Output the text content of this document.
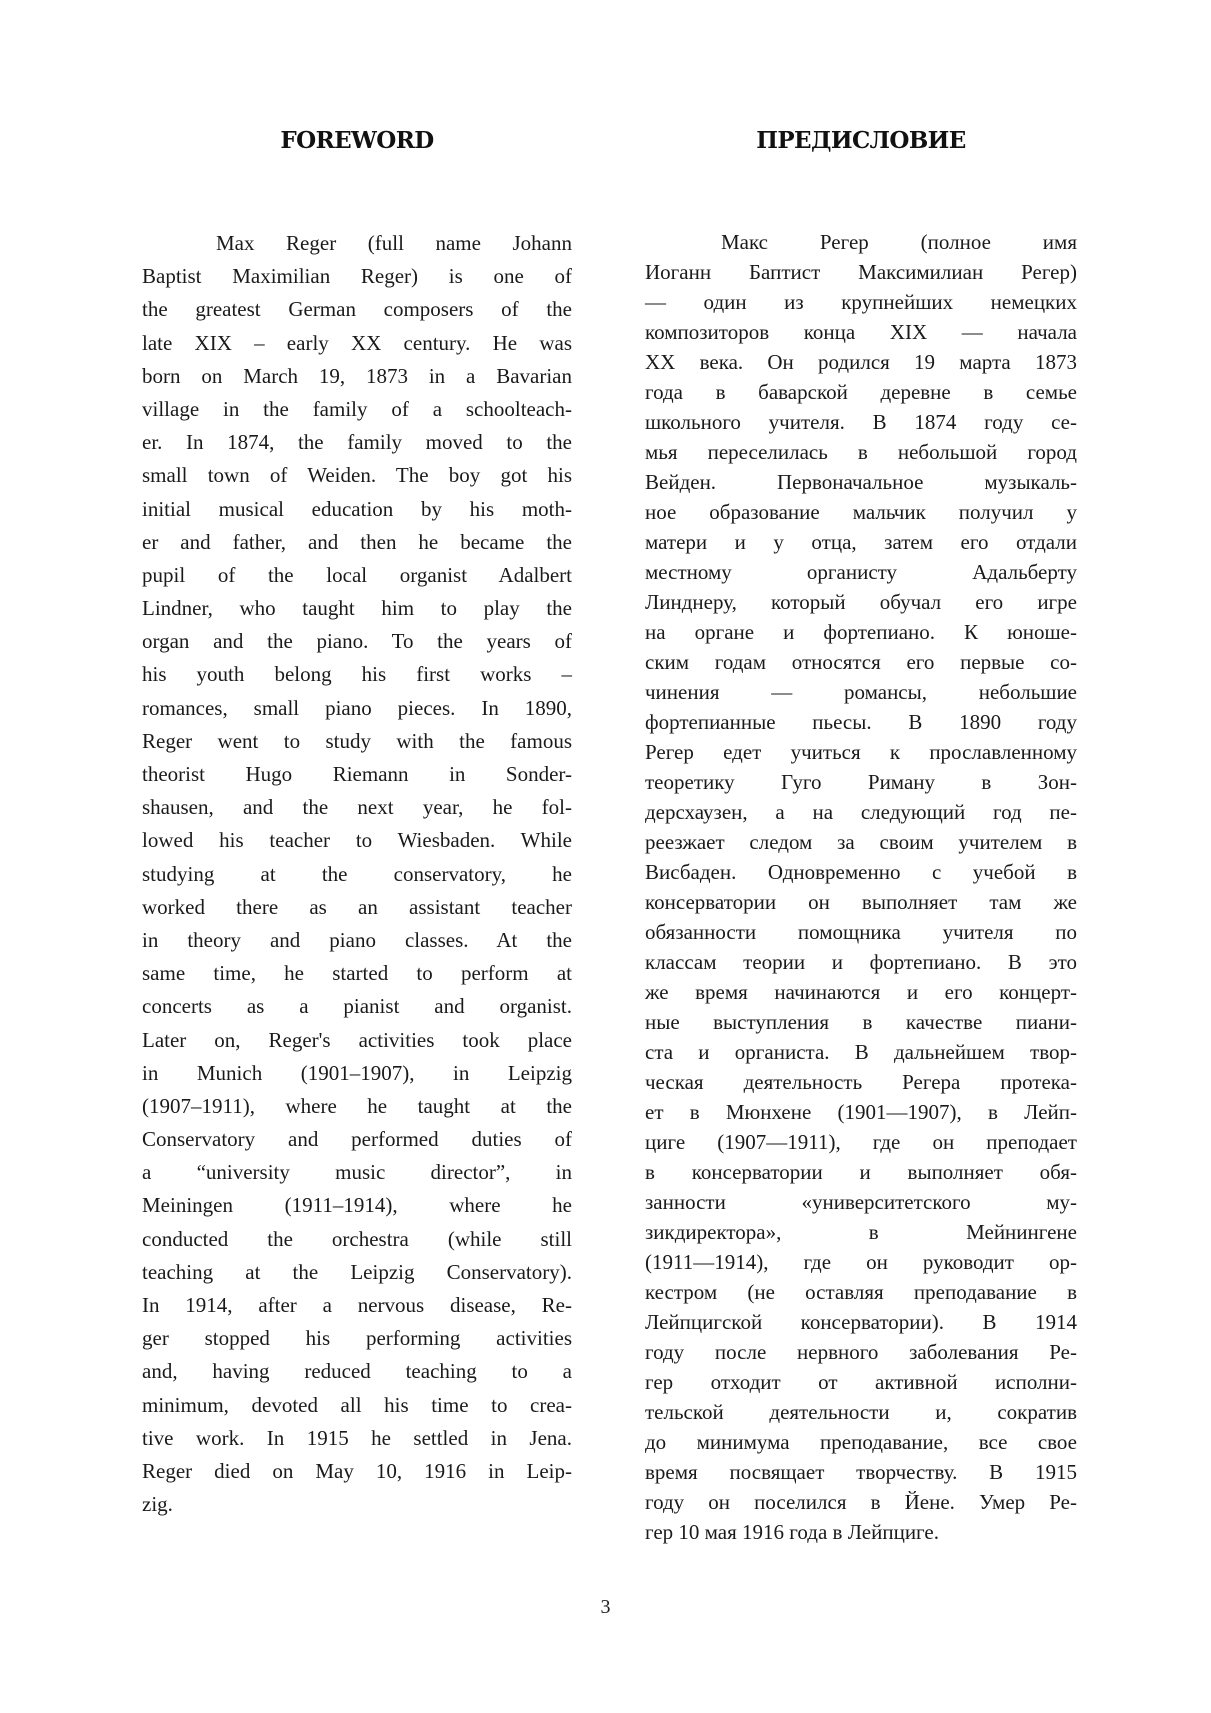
FOREWORD
Max Reger (full name Johann
Baptist Maximilian Reger) is one of
the greatest German composers of the
late XIX – early XX century. He was
born on March 19, 1873 in a Bavarian
village in the family of a schoolteach-
er. In 1874, the family moved to the
small town of Weiden. The boy got his
initial musical education by his moth-
er and father, and then he became the
pupil of the local organist Adalbert
Lindner, who taught him to play the
organ and the piano. To the years of
his youth belong his first works –
romances, small piano pieces. In 1890,
Reger went to study with the famous
theorist Hugo Riemann in Sonder-
shausen, and the next year, he fol-
lowed his teacher to Wiesbaden. While
studying at the conservatory, he
worked there as an assistant teacher
in theory and piano classes. At the
same time, he started to perform at
concerts as a pianist and organist.
Later on, Reger's activities took place
in Munich (1901–1907), in Leipzig
(1907–1911), where he taught at the
Conservatory and performed duties of
a “university music director”, in
Meiningen (1911–1914), where he
conducted the orchestra (while still
teaching at the Leipzig Conservatory).
In 1914, after a nervous disease, Re-
ger stopped his performing activities
and, having reduced teaching to a
minimum, devoted all his time to crea-
tive work. In 1915 he settled in Jena.
Reger died on May 10, 1916 in Leip-
zig.
ПРЕДИСЛОВИЕ
Макс Регер (полное имя
Иоганн Баптист Максимилиан Регер)
— один из крупнейших немецких
композиторов конца XIX — начала
XX века. Он родился 19 марта 1873
года в баварской деревне в семье
школьного учителя. В 1874 году се-
мья переселилась в небольшой город
Вейден. Первоначальное музыкаль-
ное образование мальчик получил у
матери и у отца, затем его отдали
местному органисту Адальберту
Линднеру, который обучал его игре
на органе и фортепиано. К юноше-
ским годам относятся его первые со-
чинения — романсы, небольшие
фортепианные пьесы. В 1890 году
Регер едет учиться к прославленному
теоретику Гуго Риману в Зон-
дерсхаузен, а на следующий год пе-
реезжает следом за своим учителем в
Висбаден. Одновременно с учебой в
консерватории он выполняет там же
обязанности помощника учителя по
классам теории и фортепиано. В это
же время начинаются и его концерт-
ные выступления в качестве пиани-
ста и органиста. В дальнейшем твор-
ческая деятельность Регера протека-
ет в Мюнхене (1901—1907), в Лейп-
циге (1907—1911), где он преподает
в консерватории и выполняет обя-
занности «университетского му-
зикдиректора», в Мейнингене
(1911—1914), где он руководит ор-
кестром (не оставляя преподавание в
Лейпцигской консерватории). В 1914
году после нервного заболевания Ре-
гер отходит от активной исполни-
тельской деятельности и, сократив
до минимума преподавание, все свое
время посвящает творчеству. В 1915
году он поселился в Йене. Умер Ре-
гер 10 мая 1916 года в Лейпциге.
3
